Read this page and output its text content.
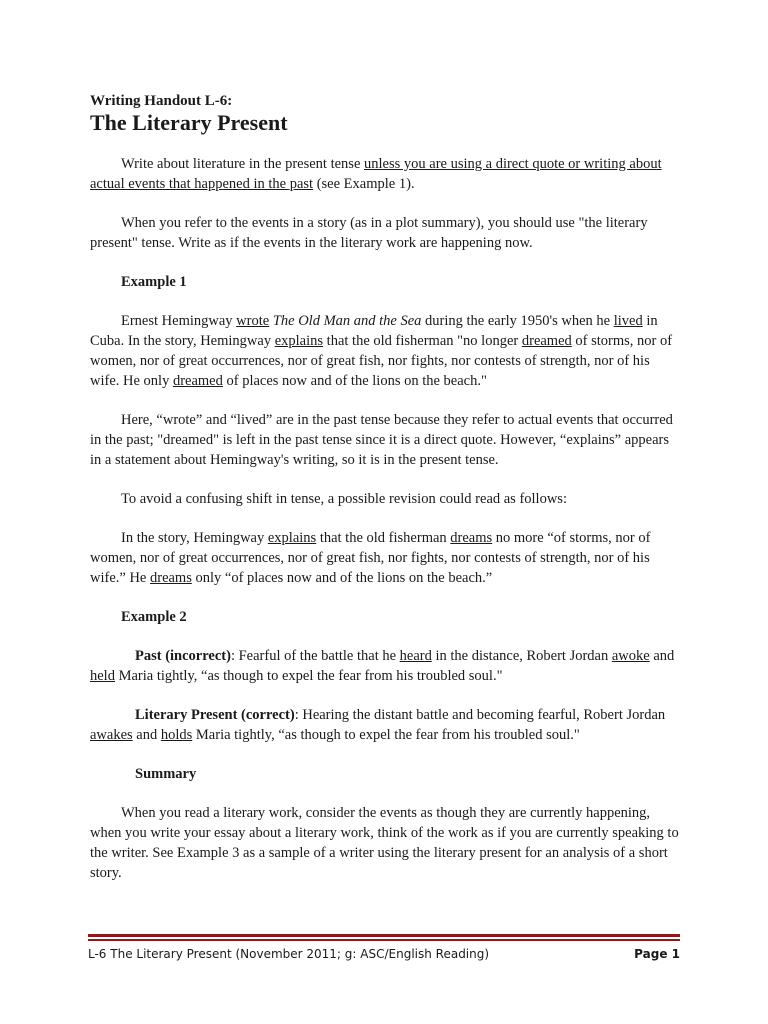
Writing Handout L-6:

The Literary Present

Write about literature in the present tense unless you are using a direct quote or writing about actual events that happened in the past (see Example 1).

When you refer to the events in a story (as in a plot summary), you should use "the literary present" tense. Write as if the events in the literary work are happening now.

Example 1

Ernest Hemingway wrote The Old Man and the Sea during the early 1950's when he lived in Cuba. In the story, Hemingway explains that the old fisherman "no longer dreamed of storms, nor of women, nor of great occurrences, nor of great fish, nor fights, nor contests of strength, nor of his wife. He only dreamed of places now and of the lions on the beach."

Here, “wrote” and “lived” are in the past tense because they refer to actual events that occurred in the past; "dreamed" is left in the past tense since it is a direct quote. However, “explains” appears in a statement about Hemingway's writing, so it is in the present tense.

To avoid a confusing shift in tense, a possible revision could read as follows:

In the story, Hemingway explains that the old fisherman dreams no more “of storms, nor of women, nor of great occurrences, nor of great fish, nor fights, nor contests of strength, nor of his wife.” He dreams only “of places now and of the lions on the beach.”

Example 2

Past (incorrect): Fearful of the battle that he heard in the distance, Robert Jordan awoke and held Maria tightly, “as though to expel the fear from his troubled soul."

Literary Present (correct): Hearing the distant battle and becoming fearful, Robert Jordan awakes and holds Maria tightly, “as though to expel the fear from his troubled soul."

Summary

When you read a literary work, consider the events as though they are currently happening, when you write your essay about a literary work, think of the work as if you are currently speaking to the writer. See Example 3 as a sample of a writer using the literary present for an analysis of a short story.

L-6 The Literary Present (November 2011; g: ASC/English Reading)	Page 1
